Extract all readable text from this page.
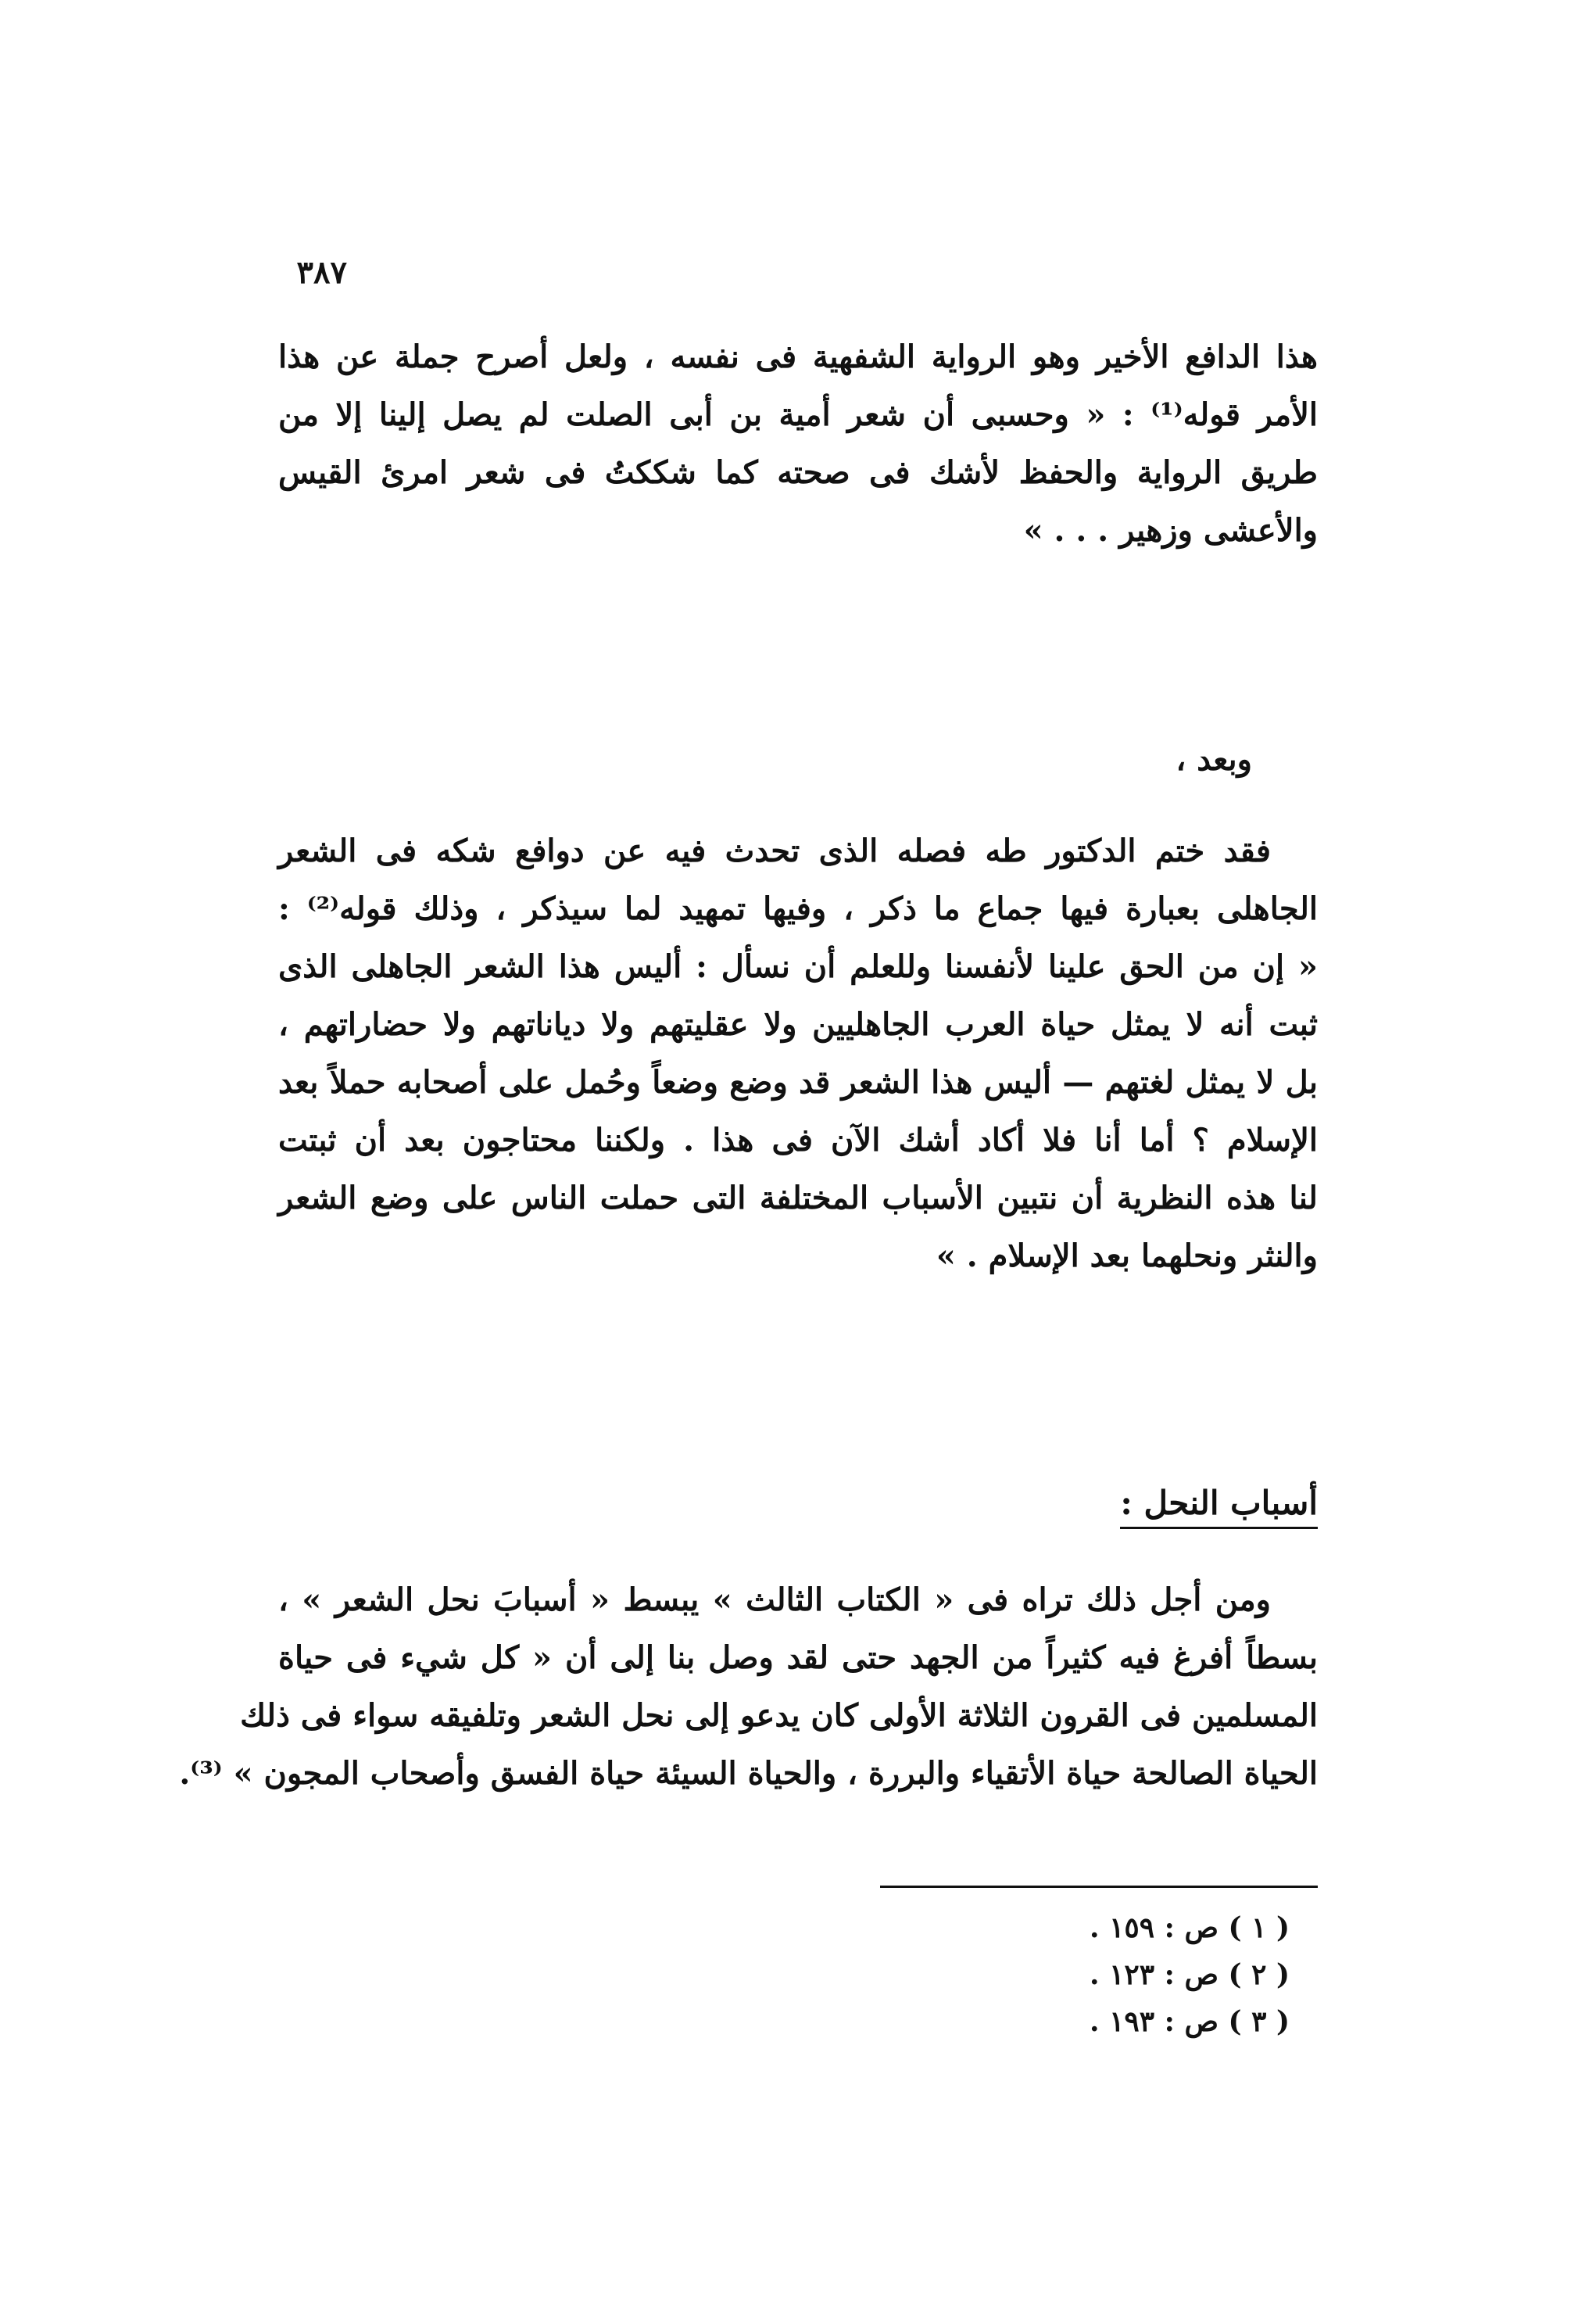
٣٨٧
هذا الدافع الأخير وهو الرواية الشفهية فى نفسه ، ولعل أصرح جملة عن هذا
الأمر قوله⁽¹⁾ : « وحسبى أن شعر أمية بن أبى الصلت لم يصل إلينا إلا من
طريق الرواية والحفظ لأشك فى صحته كما شككتُ فى شعر امرئ القيس
والأعشى وزهير . . . »
وبعد ،
فقد ختم الدكتور طه فصله الذى تحدث فيه عن دوافع شكه فى الشعر
الجاهلى بعبارة فيها جماع ما ذكر ، وفيها تمهيد لما سيذكر ، وذلك قوله⁽²⁾ :
« إن من الحق علينا لأنفسنا وللعلم أن نسأل : أليس هذا الشعر الجاهلى الذى
ثبت أنه لا يمثل حياة العرب الجاهليين ولا عقليتهم ولا دياناتهم ولا حضاراتهم ،
بل لا يمثل لغتهم — أليس هذا الشعر قد وضع وضعاً وحُمل على أصحابه حملاً بعد
الإسلام ؟ أما أنا فلا أكاد أشك الآن فى هذا . ولكننا محتاجون بعد أن ثبتت
لنا هذه النظرية أن نتبين الأسباب المختلفة التى حملت الناس على وضع الشعر
والنثر ونحلهما بعد الإسلام . »
أسباب النحل :
ومن أجل ذلك تراه فى « الكتاب الثالث » يبسط « أسبابَ نحل الشعر » ،
بسطاً أفرغ فيه كثيراً من الجهد حتى لقد وصل بنا إلى أن « كل شيء فى حياة
المسلمين فى القرون الثلاثة الأولى كان يدعو إلى نحل الشعر وتلفيقه سواء فى ذلك
الحياة الصالحة حياة الأتقياء والبررة ، والحياة السيئة حياة الفسق وأصحاب المجون » ⁽³⁾.
( ١ ) ص : ١٥٩ .
( ٢ ) ص : ١٢٣ .
( ٣ ) ص : ١٩٣ .
